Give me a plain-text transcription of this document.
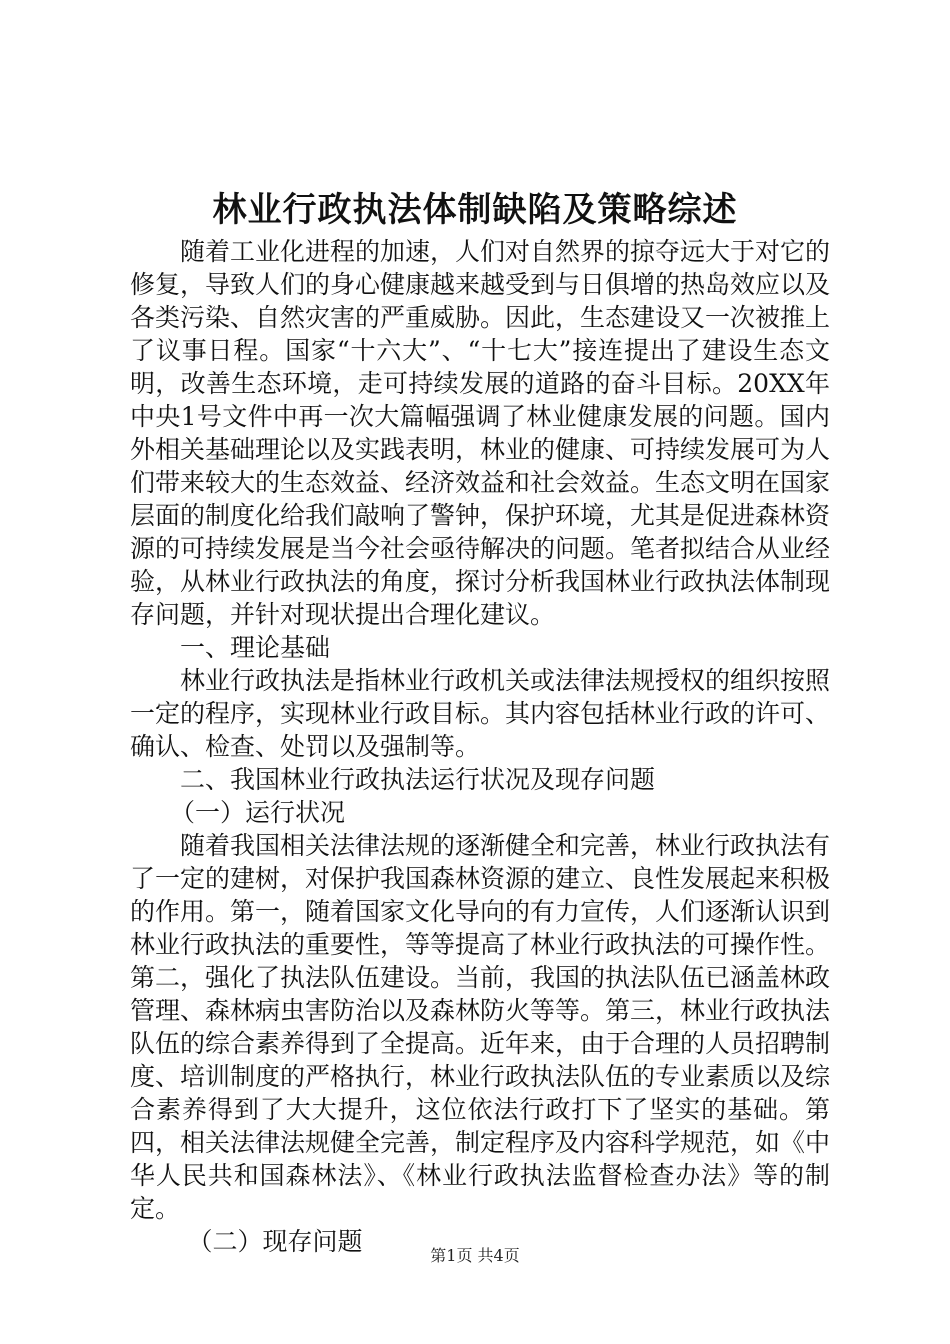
林业行政执法体制缺陷及策略综述

随着工业化进程的加速，人们对自然界的掠夺远大于对它的修复，导致人们的身心健康越来越受到与日俱增的热岛效应以及各类污染、自然灾害的严重威胁。因此，生态建设又一次被推上了议事日程。国家“十六大”、“十七大”接连提出了建设生态文明，改善生态环境，走可持续发展的道路的奋斗目标。20XX年中央1号文件中再一次大篇幅强调了林业健康发展的问题。国内外相关基础理论以及实践表明，林业的健康、可持续发展可为人们带来较大的生态效益、经济效益和社会效益。生态文明在国家层面的制度化给我们敲响了警钟，保护环境，尤其是促进森林资源的可持续发展是当今社会亟待解决的问题。笔者拟结合从业经验，从林业行政执法的角度，探讨分析我国林业行政执法体制现存问题，并针对现状提出合理化建议。

一、理论基础

林业行政执法是指林业行政机关或法律法规授权的组织按照一定的程序，实现林业行政目标。其内容包括林业行政的许可、确认、检查、处罚以及强制等。

二、我国林业行政执法运行状况及现存问题

（一）运行状况

随着我国相关法律法规的逐渐健全和完善，林业行政执法有了一定的建树，对保护我国森林资源的建立、良性发展起来积极的作用。第一，随着国家文化导向的有力宣传，人们逐渐认识到林业行政执法的重要性，等等提高了林业行政执法的可操作性。第二，强化了执法队伍建设。当前，我国的执法队伍已涵盖林政管理、森林病虫害防治以及森林防火等等。第三，林业行政执法队伍的综合素养得到了全提高。近年来，由于合理的人员招聘制度、培训制度的严格执行，林业行政执法队伍的专业素质以及综合素养得到了大大提升，这位依法行政打下了坚实的基础。第四，相关法律法规健全完善，制定程序及内容科学规范，如《中华人民共和国森林法》、《林业行政执法监督检查办法》等的制定。

（二）现存问题	第1页 共4页
